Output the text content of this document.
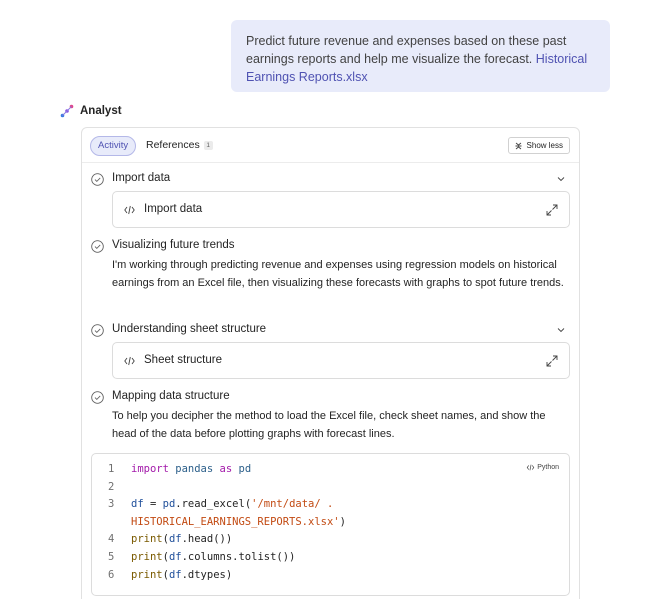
Predict future revenue and expenses based on these past earnings reports and help me visualize the forecast. Historical Earnings Reports.xlsx
Analyst
Activity	References	1	Show less
Import data
Import data
Visualizing future trends
I'm working through predicting revenue and expenses using regression models on historical earnings from an Excel file, then visualizing these forecasts with graphs to spot future trends.
Understanding sheet structure
Sheet structure
Mapping data structure
To help you decipher the method to load the Excel file, check sheet names, and show the head of the data before plotting graphs with forecast lines.
Python
1	import pandas as pd
2
3	df = pd.read_excel('/mnt/data/ .
HISTORICAL_EARNINGS_REPORTS.xlsx')
4	print(df.head())
5	print(df.columns.tolist())
6	print(df.dtypes)
